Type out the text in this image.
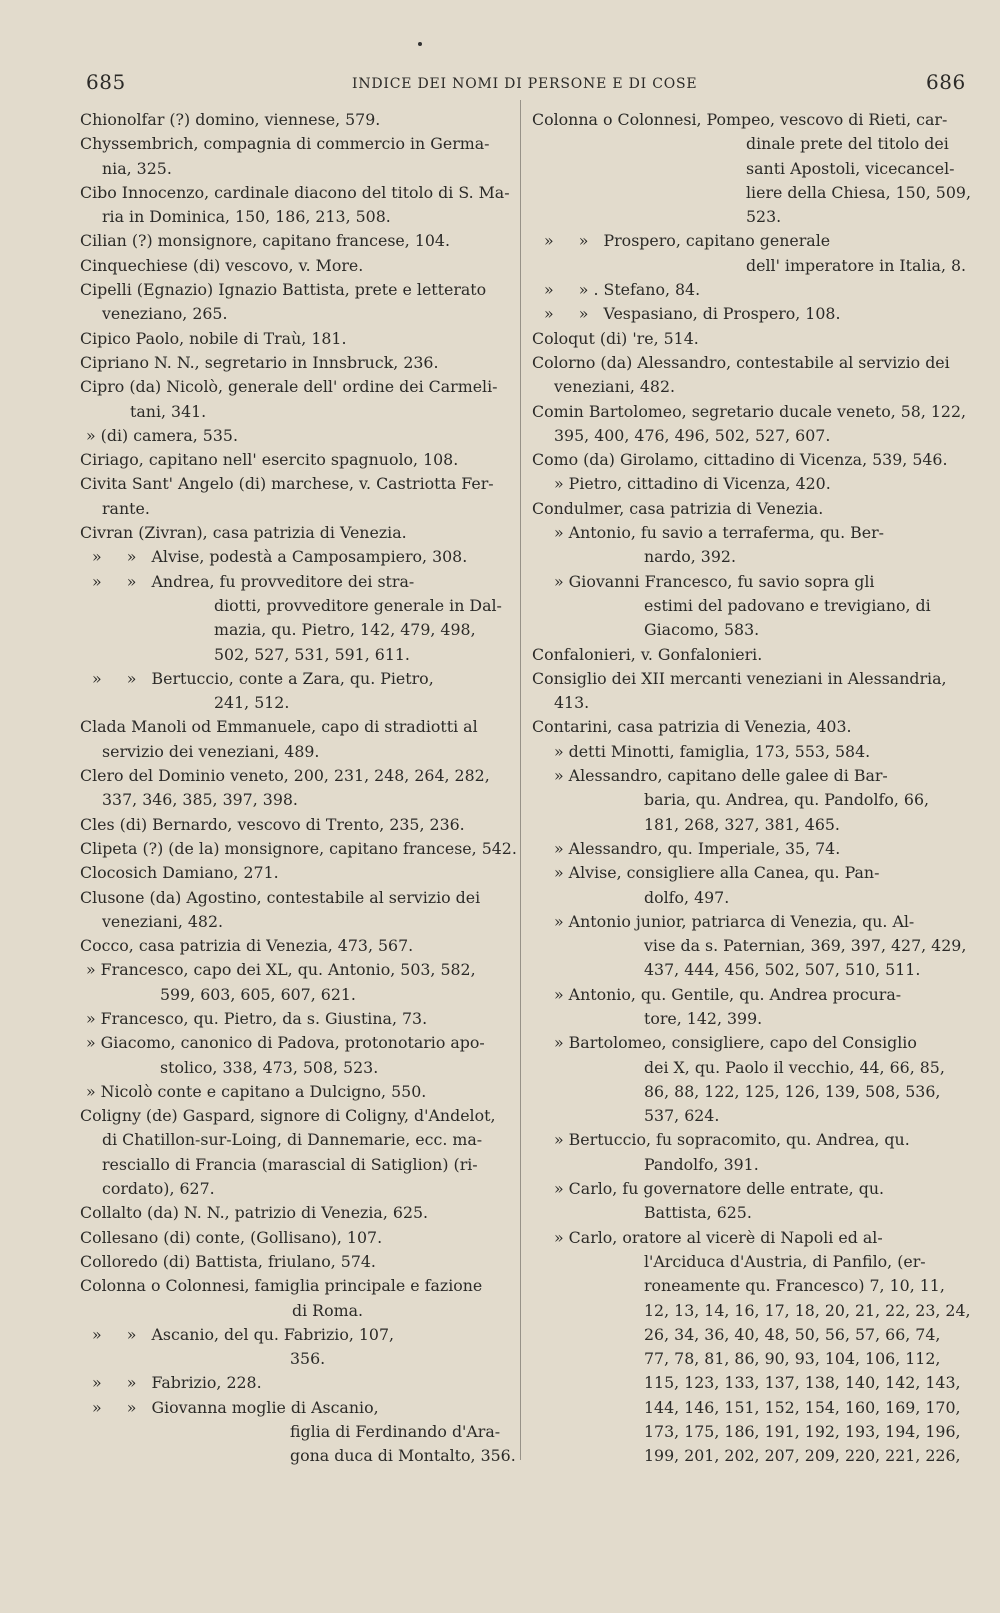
685	INDICE DEI NOMI DI PERSONE E DI COSE	686
Chionolfar (?) domino, viennese, 579.
Chyssembrich, compagnia di commercio in Germa-
nia, 325.
Cibo Innocenzo, cardinale diacono del titolo di S. Ma-
ria in Dominica, 150, 186, 213, 508.
Cilian (?) monsignore, capitano francese, 104.
Cinquechiese (di) vescovo, v. More.
Cipelli (Egnazio) Ignazio Battista, prete e letterato
veneziano, 265.
Cipico Paolo, nobile di Traù, 181.
Cipriano N. N., segretario in Innsbruck, 236.
Cipro (da) Nicolò, generale dell' ordine dei Carmeli-
tani, 341.
» (di) camera, 535.
Ciriago, capitano nell' esercito spagnuolo, 108.
Civita Sant' Angelo (di) marchese, v. Castriotta Fer-
rante.
Civran (Zivran), casa patrizia di Venezia.
»     »   Alvise, podestà a Camposampiero, 308.
»     »   Andrea, fu provveditore dei stra-
diotti, provveditore generale in Dal-
mazia, qu. Pietro, 142, 479, 498,
502, 527, 531, 591, 611.
»     »   Bertuccio, conte a Zara, qu. Pietro,
241, 512.
Clada Manoli od Emmanuele, capo di stradiotti al
servizio dei veneziani, 489.
Clero del Dominio veneto, 200, 231, 248, 264, 282,
337, 346, 385, 397, 398.
Cles (di) Bernardo, vescovo di Trento, 235, 236.
Clipeta (?) (de la) monsignore, capitano francese, 542.
Clocosich Damiano, 271.
Clusone (da) Agostino, contestabile al servizio dei
veneziani, 482.
Cocco, casa patrizia di Venezia, 473, 567.
» Francesco, capo dei XL, qu. Antonio, 503, 582,
599, 603, 605, 607, 621.
» Francesco, qu. Pietro, da s. Giustina, 73.
» Giacomo, canonico di Padova, protonotario apo-
stolico, 338, 473, 508, 523.
» Nicolò conte e capitano a Dulcigno, 550.
Coligny (de) Gaspard, signore di Coligny, d'Andelot,
di Chatillon-sur-Loing, di Dannemarie, ecc. ma-
resciallo di Francia (marascial di Satiglion) (ri-
cordato), 627.
Collalto (da) N. N., patrizio di Venezia, 625.
Collesano (di) conte, (Gollisano), 107.
Colloredo (di) Battista, friulano, 574.
Colonna o Colonnesi, famiglia principale e fazione
di Roma.
»     »   Ascanio, del qu. Fabrizio, 107,
356.
»     »   Fabrizio, 228.
»     »   Giovanna moglie di Ascanio,
figlia di Ferdinando d'Ara-
gona duca di Montalto, 356.
Colonna o Colonnesi, Pompeo, vescovo di Rieti, car-
dinale prete del titolo dei
santi Apostoli, vicecancel-
liere della Chiesa, 150, 509,
523.
»     »   Prospero, capitano generale
dell' imperatore in Italia, 8.
»     » . Stefano, 84.
»     »   Vespasiano, di Prospero, 108.
Coloqut (di) 're, 514.
Colorno (da) Alessandro, contestabile al servizio dei
veneziani, 482.
Comin Bartolomeo, segretario ducale veneto, 58, 122,
395, 400, 476, 496, 502, 527, 607.
Como (da) Girolamo, cittadino di Vicenza, 539, 546.
» Pietro, cittadino di Vicenza, 420.
Condulmer, casa patrizia di Venezia.
» Antonio, fu savio a terraferma, qu. Ber-
nardo, 392.
» Giovanni Francesco, fu savio sopra gli
estimi del padovano e trevigiano, di
Giacomo, 583.
Confalonieri, v. Gonfalonieri.
Consiglio dei XII mercanti veneziani in Alessandria,
413.
Contarini, casa patrizia di Venezia, 403.
» detti Minotti, famiglia, 173, 553, 584.
» Alessandro, capitano delle galee di Bar-
baria, qu. Andrea, qu. Pandolfo, 66,
181, 268, 327, 381, 465.
» Alessandro, qu. Imperiale, 35, 74.
» Alvise, consigliere alla Canea, qu. Pan-
dolfo, 497.
» Antonio junior, patriarca di Venezia, qu. Al-
vise da s. Paternian, 369, 397, 427, 429,
437, 444, 456, 502, 507, 510, 511.
» Antonio, qu. Gentile, qu. Andrea procura-
tore, 142, 399.
» Bartolomeo, consigliere, capo del Consiglio
dei X, qu. Paolo il vecchio, 44, 66, 85,
86, 88, 122, 125, 126, 139, 508, 536,
537, 624.
» Bertuccio, fu sopracomito, qu. Andrea, qu.
Pandolfo, 391.
» Carlo, fu governatore delle entrate, qu.
Battista, 625.
» Carlo, oratore al vicerè di Napoli ed al-
l'Arciduca d'Austria, di Panfilo, (er-
roneamente qu. Francesco) 7, 10, 11,
12, 13, 14, 16, 17, 18, 20, 21, 22, 23, 24,
26, 34, 36, 40, 48, 50, 56, 57, 66, 74,
77, 78, 81, 86, 90, 93, 104, 106, 112,
115, 123, 133, 137, 138, 140, 142, 143,
144, 146, 151, 152, 154, 160, 169, 170,
173, 175, 186, 191, 192, 193, 194, 196,
199, 201, 202, 207, 209, 220, 221, 226,
